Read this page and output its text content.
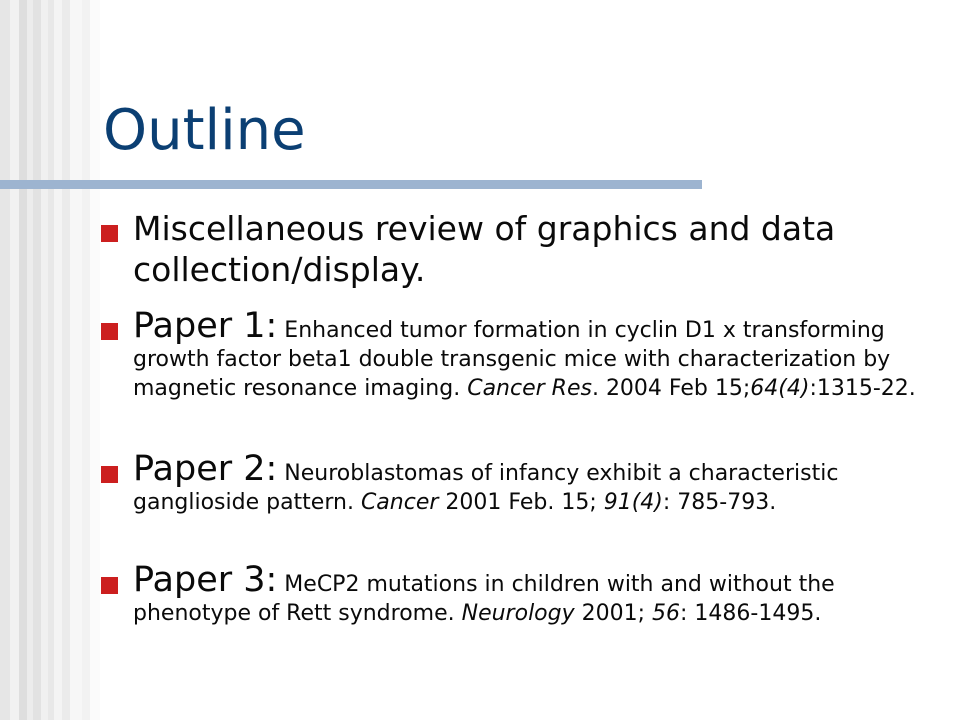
Outline

Miscellaneous review of graphics and data collection/display.

Paper 1: Enhanced tumor formation in cyclin D1 x transforming growth factor beta1 double transgenic mice with characterization by magnetic resonance imaging. Cancer Res. 2004 Feb 15;64(4):1315-22.

Paper 2: Neuroblastomas of infancy exhibit a characteristic ganglioside pattern. Cancer 2001 Feb. 15; 91(4): 785-793.

Paper 3: MeCP2 mutations in children with and without the phenotype of Rett syndrome. Neurology 2001; 56: 1486-1495.
